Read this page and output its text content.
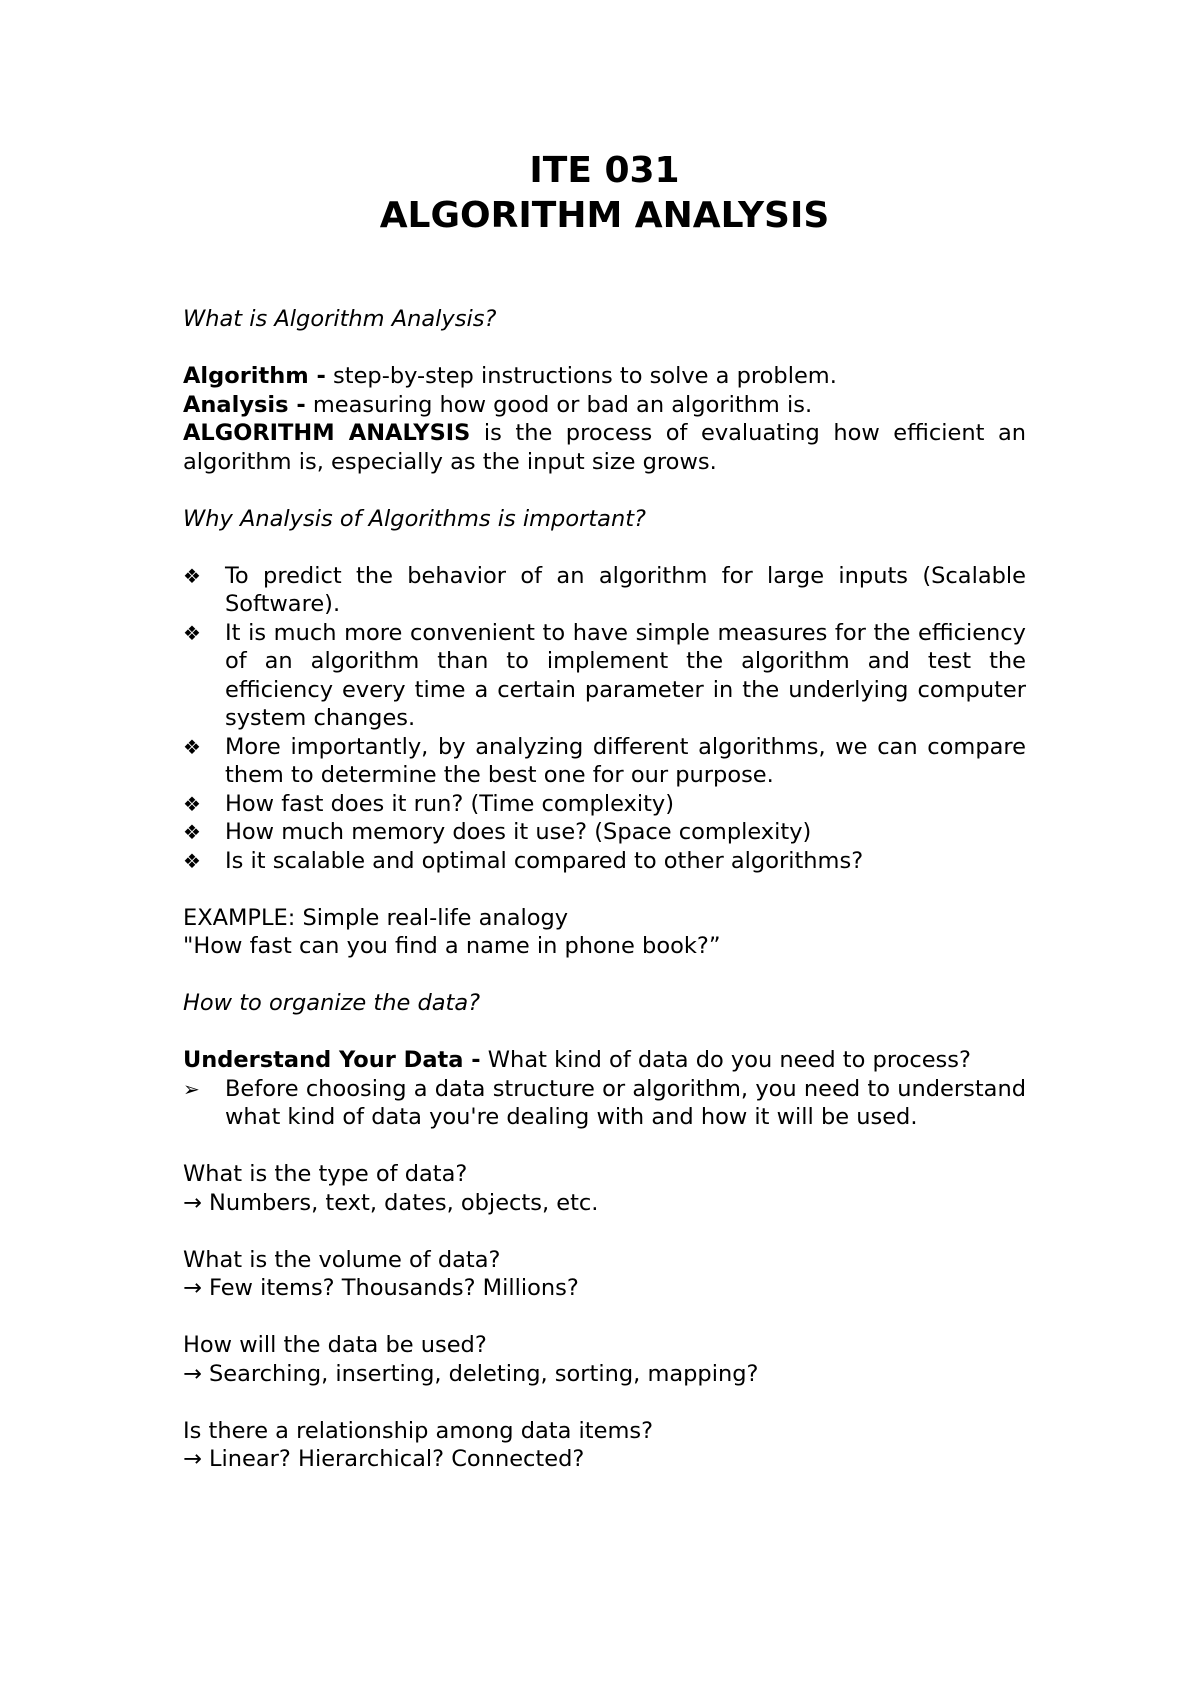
ITE 031

ALGORITHM ANALYSIS

What is Algorithm Analysis?

Algorithm - step-by-step instructions to solve a problem.

Analysis - measuring how good or bad an algorithm is.

ALGORITHM ANALYSIS is the process of evaluating how efficient an algorithm is, especially as the input size grows.

Why Analysis of Algorithms is important?

❖ To predict the behavior of an algorithm for large inputs (Scalable Software).
❖ It is much more convenient to have simple measures for the efficiency of an algorithm than to implement the algorithm and test the efficiency every time a certain parameter in the underlying computer system changes.
❖ More importantly, by analyzing different algorithms, we can compare them to determine the best one for our purpose.
❖ How fast does it run? (Time complexity)
❖ How much memory does it use? (Space complexity)
❖ Is it scalable and optimal compared to other algorithms?

EXAMPLE: Simple real-life analogy

"How fast can you find a name in phone book?”

How to organize the data?

Understand Your Data - What kind of data do you need to process?

➢	Before choosing a data structure or algorithm, you need to understand what kind of data you're dealing with and how it will be used.

What is the type of data?

→ Numbers, text, dates, objects, etc.

What is the volume of data?

→ Few items? Thousands? Millions?

How will the data be used?

→ Searching, inserting, deleting, sorting, mapping?

Is there a relationship among data items?

→ Linear? Hierarchical? Connected?
